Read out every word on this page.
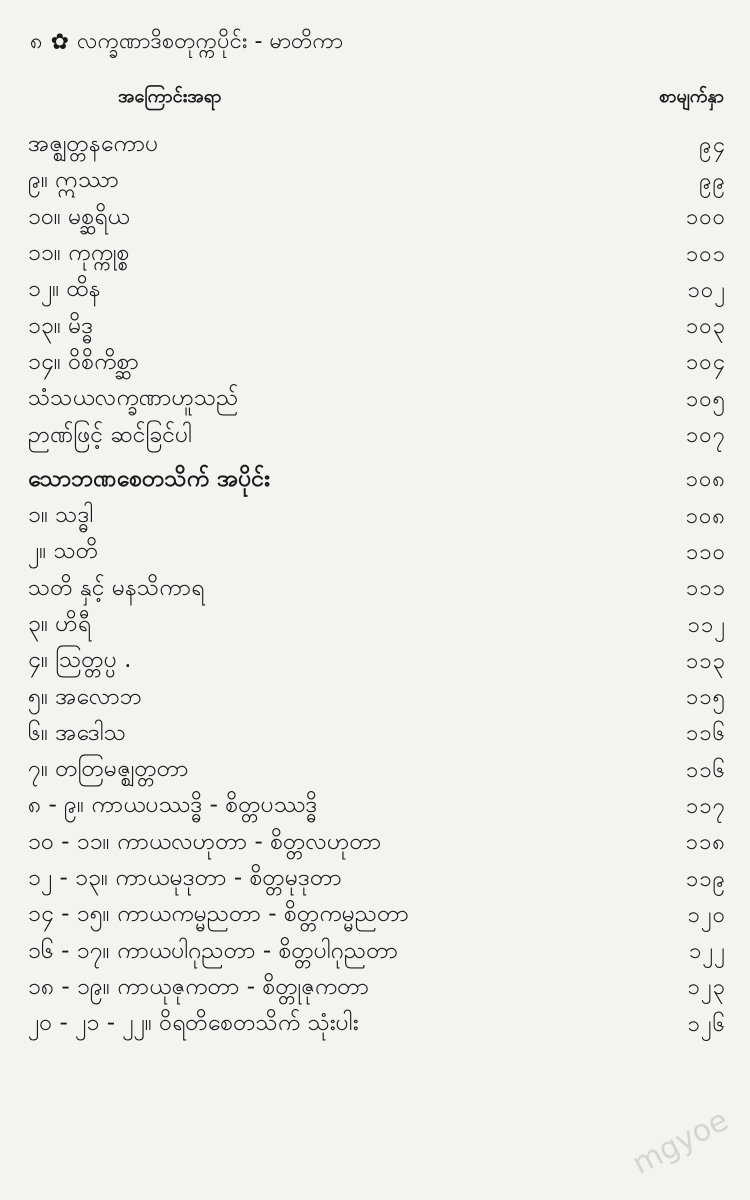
၈ ✿ လက္ခဏာဒိစတုက္ကပိုင်း - မာတိကာ
အကြောင်းအရာ	စာမျက်နှာ
အဇ္ဈတ္တနကောပ	၉၄
၉။ ဣဿာ	၉၉
၁၀။ မစ္ဆရိယ	၁၀၀
၁၁။ ကုက္ကုစ္စ	၁၀၁
၁၂။ ထိန	၁၀၂
၁၃။ မိဒ္ဓ	၁၀၃
၁၄။ ဝိစိကိစ္ဆာ	၁၀၄
သံသယလက္ခဏာဟူသည်	၁၀၅
ဉာဏ်ဖြင့် ဆင်ခြင်ပါ	၁၀၇
သောဘဏစေတသိက် အပိုင်း	၁၀၈
၁။ သဒ္ဓါ	၁၀၈
၂။ သတိ	၁၁၀
သတိ နှင့် မနသိကာရ	၁၁၁
၃။ ဟိရီ	၁၁၂
၄။ ဩတ္တပ္ပ .	၁၁၃
၅။ အလောဘ	၁၁၅
၆။ အဒေါသ	၁၁၆
၇။ တတြမဇ္ဈတ္တတာ	၁၁၆
၈ - ၉။ ကာယပဿဒ္ဓိ - စိတ္တပဿဒ္ဓိ	၁၁၇
၁၀ - ၁၁။ ကာယလဟုတာ - စိတ္တလဟုတာ	၁၁၈
၁၂ - ၁၃။ ကာယမုဒုတာ - စိတ္တမုဒုတာ	၁၁၉
၁၄ - ၁၅။ ကာယကမ္မညတာ - စိတ္တကမ္မညတာ	၁၂၀
၁၆ - ၁၇။ ကာယပါဂုညတာ - စိတ္တပါဂုညတာ	၁၂၂
၁၈ - ၁၉။ ကာယုဇုကတာ - စိတ္တုဇုကတာ	၁၂၃
၂၀ - ၂၁ - ၂၂။ ဝိရတိစေတသိက် သုံးပါး	၁၂၆
mgyoe
